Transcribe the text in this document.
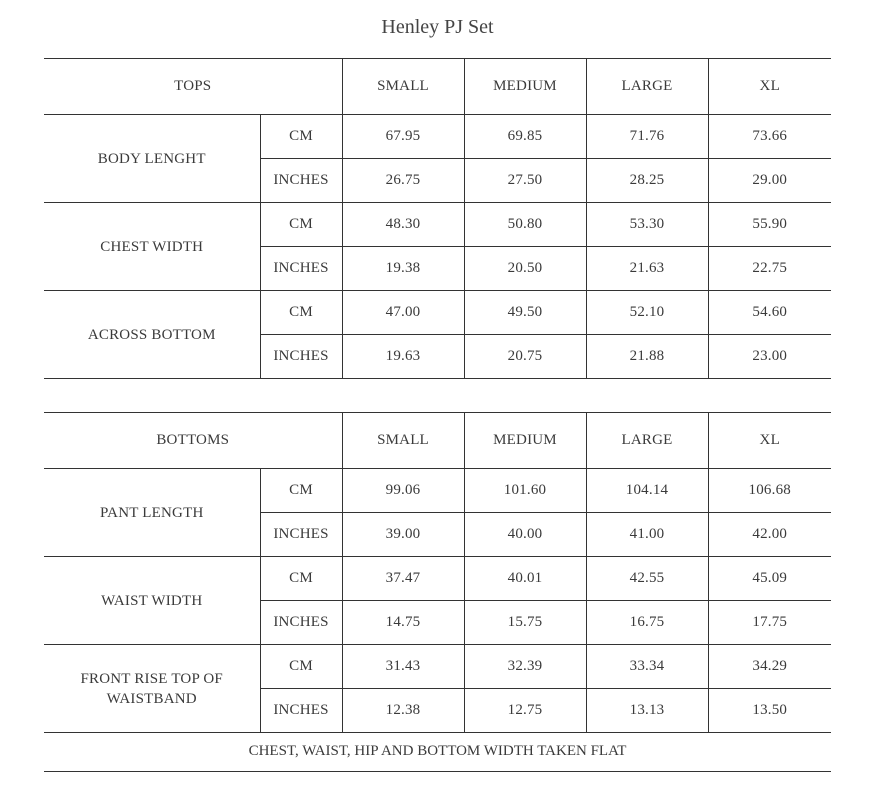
Henley PJ Set
TOPS		SMALL	MEDIUM	LARGE	XL
BODY LENGHT	CM	67.95	69.85	71.76	73.66
	INCHES	26.75	27.50	28.25	29.00
CHEST WIDTH	CM	48.30	50.80	53.30	55.90
	INCHES	19.38	20.50	21.63	22.75
ACROSS BOTTOM	CM	47.00	49.50	52.10	54.60
	INCHES	19.63	20.75	21.88	23.00
BOTTOMS		SMALL	MEDIUM	LARGE	XL
PANT LENGTH	CM	99.06	101.60	104.14	106.68
	INCHES	39.00	40.00	41.00	42.00
WAIST WIDTH	CM	37.47	40.01	42.55	45.09
	INCHES	14.75	15.75	16.75	17.75
FRONT RISE TOP OF WAISTBAND	CM	31.43	32.39	33.34	34.29
	INCHES	12.38	12.75	13.13	13.50
CHEST, WAIST, HIP AND BOTTOM WIDTH TAKEN FLAT
